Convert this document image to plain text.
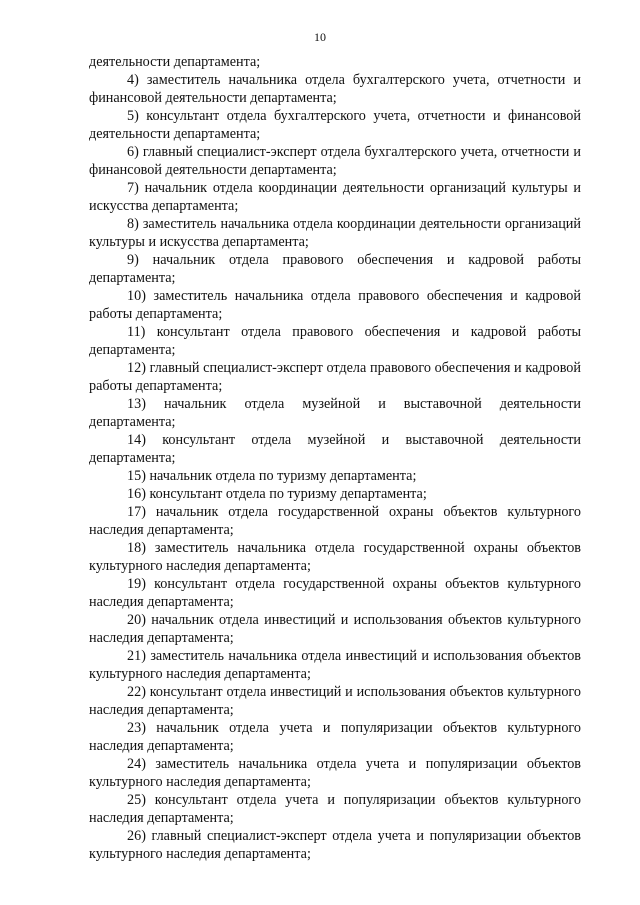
10

деятельности департамента;

4) заместитель начальника отдела бухгалтерского учета, отчетности и финансовой деятельности департамента;

5) консультант отдела бухгалтерского учета, отчетности и финансовой деятельности департамента;

6) главный специалист-эксперт отдела бухгалтерского учета, отчетности и финансовой деятельности департамента;

7) начальник отдела координации деятельности организаций культуры и искусства департамента;

8) заместитель начальника отдела координации деятельности организаций культуры и искусства департамента;

9) начальник отдела правового обеспечения и кадровой работы департамента;

10) заместитель начальника отдела правового обеспечения и кадровой работы департамента;

11) консультант отдела правового обеспечения и кадровой работы департамента;

12) главный специалист-эксперт отдела правового обеспечения и кадровой работы департамента;

13) начальник отдела музейной и выставочной деятельности департамента;

14) консультант отдела музейной и выставочной деятельности департамента;

15) начальник отдела по туризму департамента;

16) консультант отдела по туризму департамента;

17) начальник отдела государственной охраны объектов культурного наследия департамента;

18) заместитель начальника отдела государственной охраны объектов культурного наследия департамента;

19) консультант отдела государственной охраны объектов культурного наследия департамента;

20) начальник отдела инвестиций и использования объектов культурного наследия департамента;

21) заместитель начальника отдела инвестиций и использования объектов культурного наследия департамента;

22) консультант отдела инвестиций и использования объектов культурного наследия департамента;

23) начальник отдела учета и популяризации объектов культурного наследия департамента;

24) заместитель начальника отдела учета и популяризации объектов культурного наследия департамента;

25) консультант отдела учета и популяризации объектов культурного наследия департамента;

26) главный специалист-эксперт отдела учета и популяризации объектов культурного наследия департамента;
